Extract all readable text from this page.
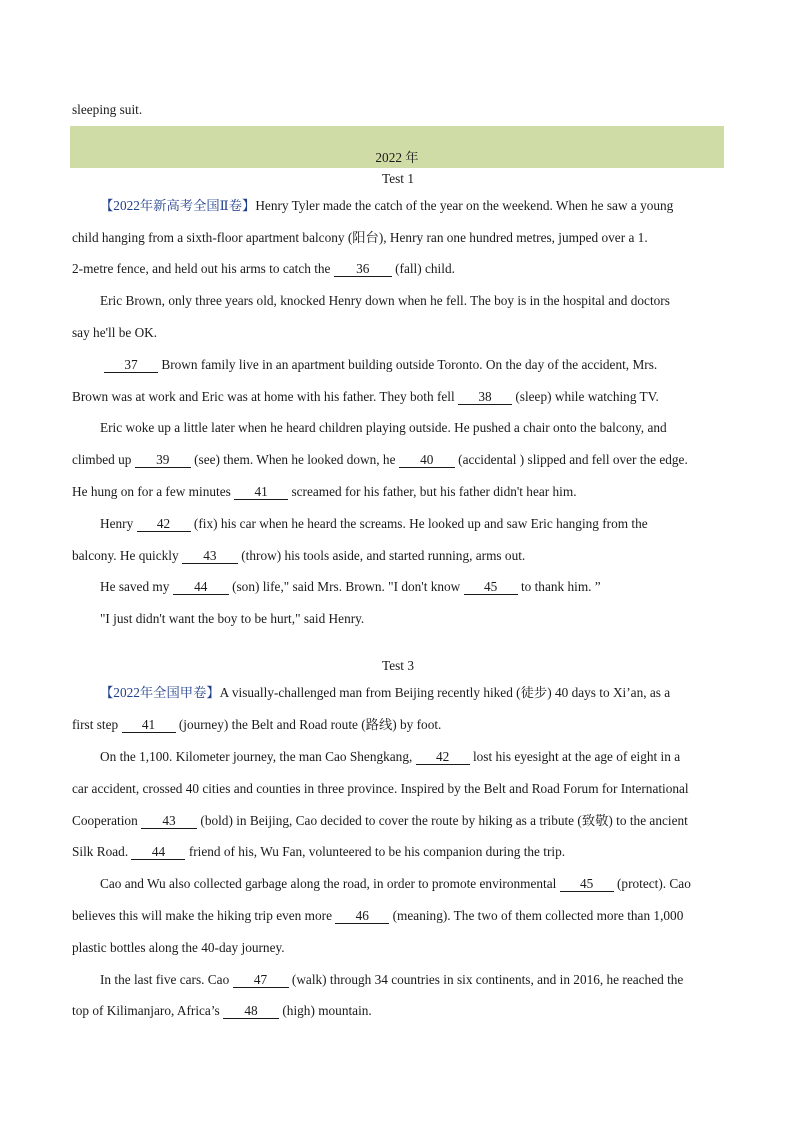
sleeping suit.
2022 年
Test 1
【2022年新高考全国Ⅱ卷】Henry Tyler made the catch of the year on the weekend. When he saw a young
child hanging from a sixth-floor apartment balcony (阳台), Henry ran one hundred metres, jumped over a 1.
2-metre fence, and held out his arms to catch the 36 (fall) child.
Eric Brown, only three years old, knocked Henry down when he fell. The boy is in the hospital and doctors
say he'll be OK.
37 Brown family live in an apartment building outside Toronto. On the day of the accident, Mrs.
Brown was at work and Eric was at home with his father. They both fell 38 (sleep) while watching TV.
Eric woke up a little later when he heard children playing outside. He pushed a chair onto the balcony, and
climbed up 39 (see) them. When he looked down, he 40 (accidental ) slipped and fell over the edge.
He hung on for a few minutes 41 screamed for his father, but his father didn't hear him.
Henry 42 (fix) his car when he heard the screams. He looked up and saw Eric hanging from the
balcony. He quickly 43 (throw) his tools aside, and started running, arms out.
He saved my 44 (son) life," said Mrs. Brown. "I don't know 45 to thank him. ”
"I just didn't want the boy to be hurt," said Henry.
Test 3
【2022年全国甲卷】A visually-challenged man from Beijing recently hiked (徒步) 40 days to Xi’an, as a
first step 41 (journey) the Belt and Road route (路线) by foot.
On the 1,100. Kilometer journey, the man Cao Shengkang, 42 lost his eyesight at the age of eight in a
car accident, crossed 40 cities and counties in three province. Inspired by the Belt and Road Forum for International
Cooperation 43 (bold) in Beijing, Cao decided to cover the route by hiking as a tribute (致敬) to the ancient
Silk Road. 44 friend of his, Wu Fan, volunteered to be his companion during the trip.
Cao and Wu also collected garbage along the road, in order to promote environmental 45 (protect). Cao
believes this will make the hiking trip even more 46 (meaning). The two of them collected more than 1,000
plastic bottles along the 40-day journey.
In the last five cars. Cao 47 (walk) through 34 countries in six continents, and in 2016, he reached the
top of Kilimanjaro, Africa’s 48 (high) mountain.
